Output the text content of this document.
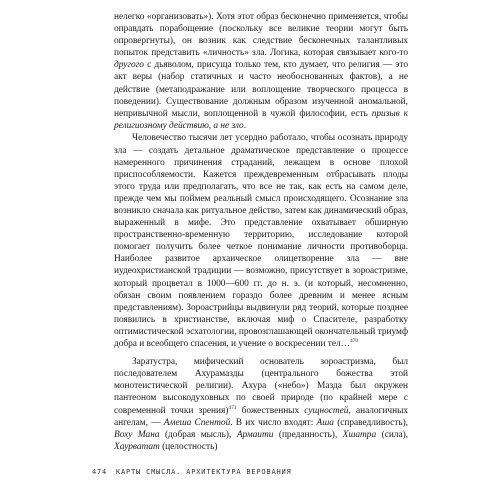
нелегко «организовать»). Хотя этот образ бесконечно применяется, чтобы оправдать порабощение (поскольку все великие теории могут быть опровергнуты), он возник как следствие бесконечных талантливых попыток представить «личность» зла. Логика, которая связывает кого-то другого с дьяволом, присуща только тем, кто думает, что религия — это акт веры (набор статичных и часто необоснованных фактов), а не действие (метаподражание или воплощение творческого процесса в поведении). Существование должным образом изученной аномальной, непривычной мысли, воплощенной в чужой философии, есть призыв к религиозному действию, а не зло.

Человечество тысячи лет усердно работало, чтобы осознать природу зла — создать детальное драматическое представление о процессе намеренного причинения страданий, лежащем в основе плохой приспособляемости. Кажется преждевременным отбрасывать плоды этого труда или предполагать, что все не так, как есть на самом деле, прежде чем мы поймем реальный смысл происходящего. Осознание зла возникло сначала как ритуальное действо, затем как динамический образ, выраженный в мифе. Это представление охватывает обширную пространственно-временную территорию, исследование которой помогает получить более четкое понимание личности противоборца. Наиболее развитое архаическое олицетворение зла — вне иудеохристианской традиции — возможно, присутствует в зороастризме, который процветал в 1000—600 гг. до н. э. (и который, несомненно, обязан своим появлением гораздо более древним и менее ясным представлениям). Зороастрийцы выдвинули ряд теорий, которые позднее появились в христианстве, включая миф о Спасителе, разработку оптимистической эсхатологии, провозглашающей окончательный триумф добра и всеобщего спасения, и учение о воскресении тел…$^{470}$

Заратустра, мифический основатель зороастризма, был последователем Ахурамазды (центрального божества этой монотеистической религии). Ахура («небо») Мазда был окружен пантеоном высокодуховных по своей природе (по крайней мере с современной точки зрения)$^{471}$ божественных сущностей, аналогичных ангелам, — Амеша Спентой. В их число входят: Аша (справедливость), Воху Мана (добрая мысль), Армаити (преданность), Хшатра (сила), Хаурватат (целостность)

474 КАРТЫ СМЫСЛА. АРХИТЕКТУРА ВЕРОВАНИЯ
